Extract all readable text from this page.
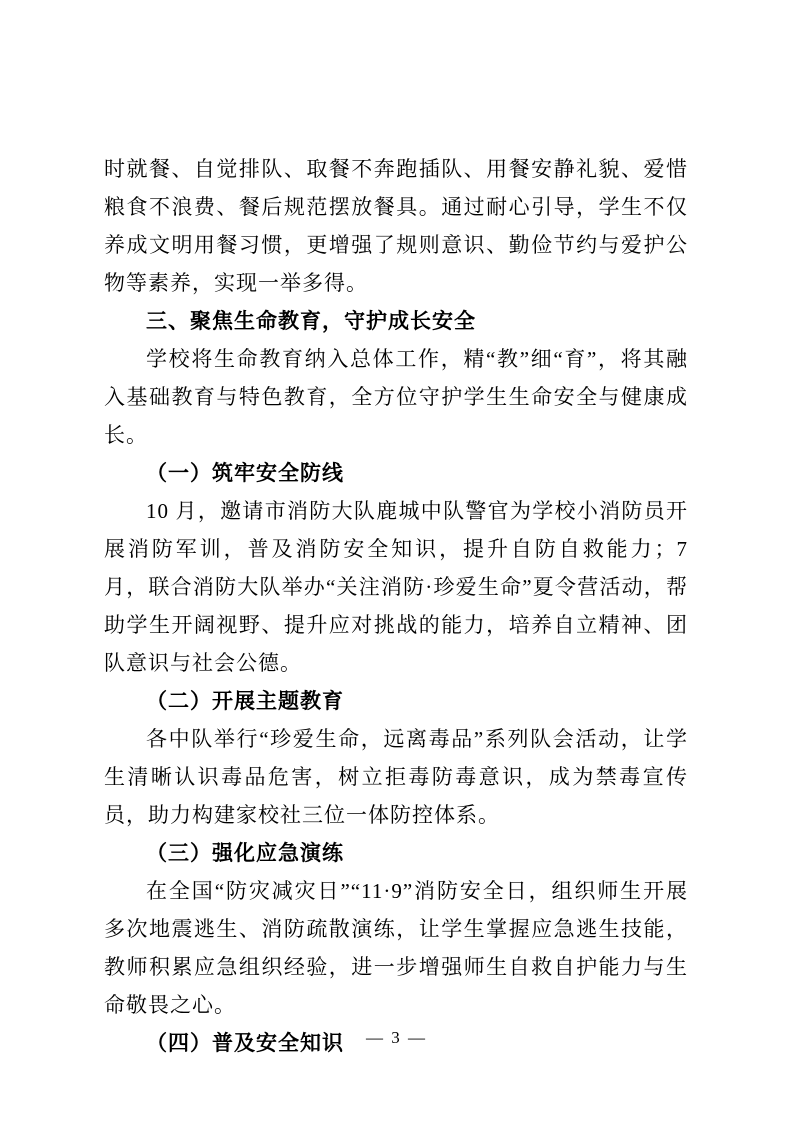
时就餐、自觉排队、取餐不奔跑插队、用餐安静礼貌、爱惜粮食不浪费、餐后规范摆放餐具。通过耐心引导，学生不仅养成文明用餐习惯，更增强了规则意识、勤俭节约与爱护公物等素养，实现一举多得。

三、聚焦生命教育，守护成长安全

学校将生命教育纳入总体工作，精“教”细“育”，将其融入基础教育与特色教育，全方位守护学生生命安全与健康成长。

（一）筑牢安全防线

10 月，邀请市消防大队鹿城中队警官为学校小消防员开展消防军训，普及消防安全知识，提升自防自救能力；7 月，联合消防大队举办“关注消防·珍爱生命”夏令营活动，帮助学生开阔视野、提升应对挑战的能力，培养自立精神、团队意识与社会公德。

（二）开展主题教育

各中队举行“珍爱生命，远离毒品”系列队会活动，让学生清晰认识毒品危害，树立拒毒防毒意识，成为禁毒宣传员，助力构建家校社三位一体防控体系。

（三）强化应急演练

在全国“防灾减灾日”“11·9”消防安全日，组织师生开展多次地震逃生、消防疏散演练，让学生掌握应急逃生技能，教师积累应急组织经验，进一步增强师生自救自护能力与生命敬畏之心。

（四）普及安全知识	— 3 —
